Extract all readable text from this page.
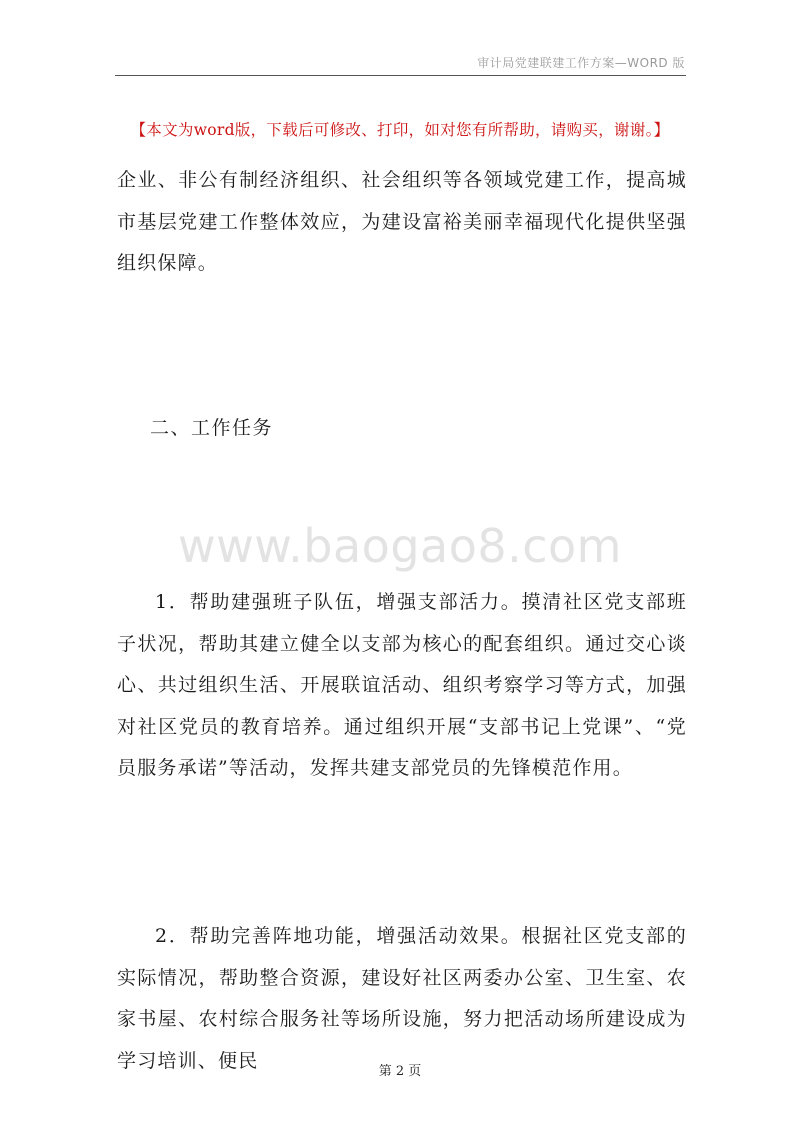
审计局党建联建工作方案—WORD 版
【本文为word版，下载后可修改、打印，如对您有所帮助，请购买，谢谢。】
企业、非公有制经济组织、社会组织等各领域党建工作，提高城市基层党建工作整体效应，为建设富裕美丽幸福现代化提供坚强组织保障。
二、工作任务
www.baogao8.com
1．帮助建强班子队伍，增强支部活力。摸清社区党支部班子状况，帮助其建立健全以支部为核心的配套组织。通过交心谈心、共过组织生活、开展联谊活动、组织考察学习等方式，加强对社区党员的教育培养。通过组织开展“支部书记上党课”、“党员服务承诺”等活动，发挥共建支部党员的先锋模范作用。
2．帮助完善阵地功能，增强活动效果。根据社区党支部的实际情况，帮助整合资源，建设好社区两委办公室、卫生室、农家书屋、农村综合服务社等场所设施，努力把活动场所建设成为学习培训、便民	第 2 页
